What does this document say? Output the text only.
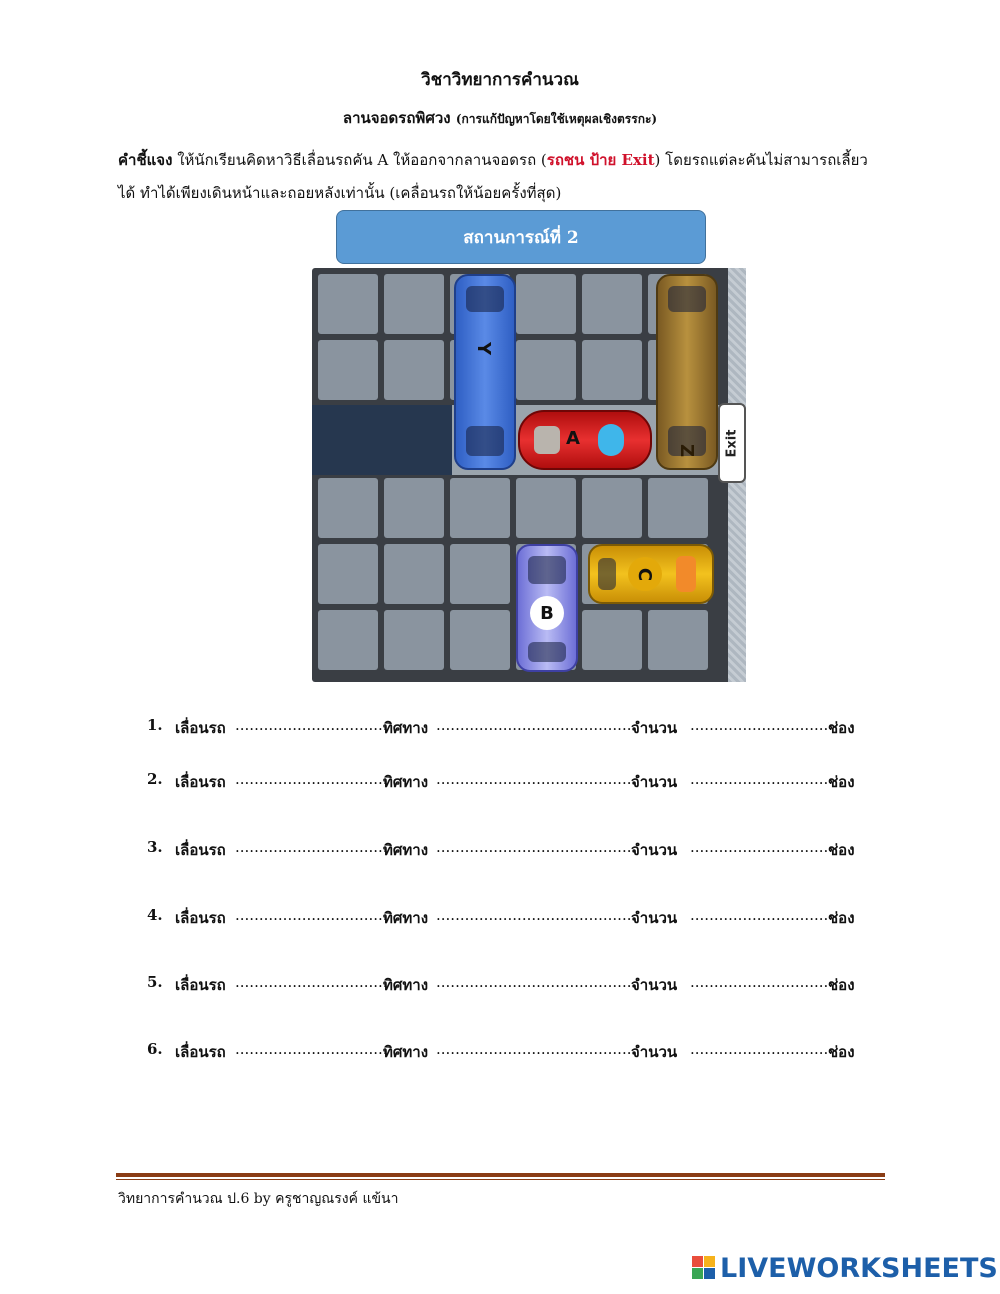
วิชาวิทยาการคำนวณ
ลานจอดรถพิศวง (การแก้ปัญหาโดยใช้เหตุผลเชิงตรรกะ)
คำชี้แจง ให้นักเรียนคิดหาวิธีเลื่อนรถคัน A ให้ออกจากลานจอดรถ (รถชน ป้าย Exit) โดยรถแต่ละคันไม่สามารถเลี้ยวได้ ทำได้เพียงเดินหน้าและถอยหลังเท่านั้น (เคลื่อนรถให้น้อยครั้งที่สุด)
สถานการณ์ที่ 2
Y
Z
A
C
B
Exit
1. เลื่อนรถ ................................
ทิศทาง ..........................................
จำนวน ..............................
ช่อง
2. เลื่อนรถ ................................
ทิศทาง ..........................................
จำนวน ..............................
ช่อง
3. เลื่อนรถ ................................
ทิศทาง ..........................................
จำนวน ..............................
ช่อง
4. เลื่อนรถ ................................
ทิศทาง ..........................................
จำนวน ..............................
ช่อง
5. เลื่อนรถ ................................
ทิศทาง ..........................................
จำนวน ..............................
ช่อง
6. เลื่อนรถ ................................
ทิศทาง ..........................................
จำนวน ..............................
ช่อง
วิทยาการคำนวณ ป.6 by ครูชาญณรงค์ แข้นา
LIVEWORKSHEETS
